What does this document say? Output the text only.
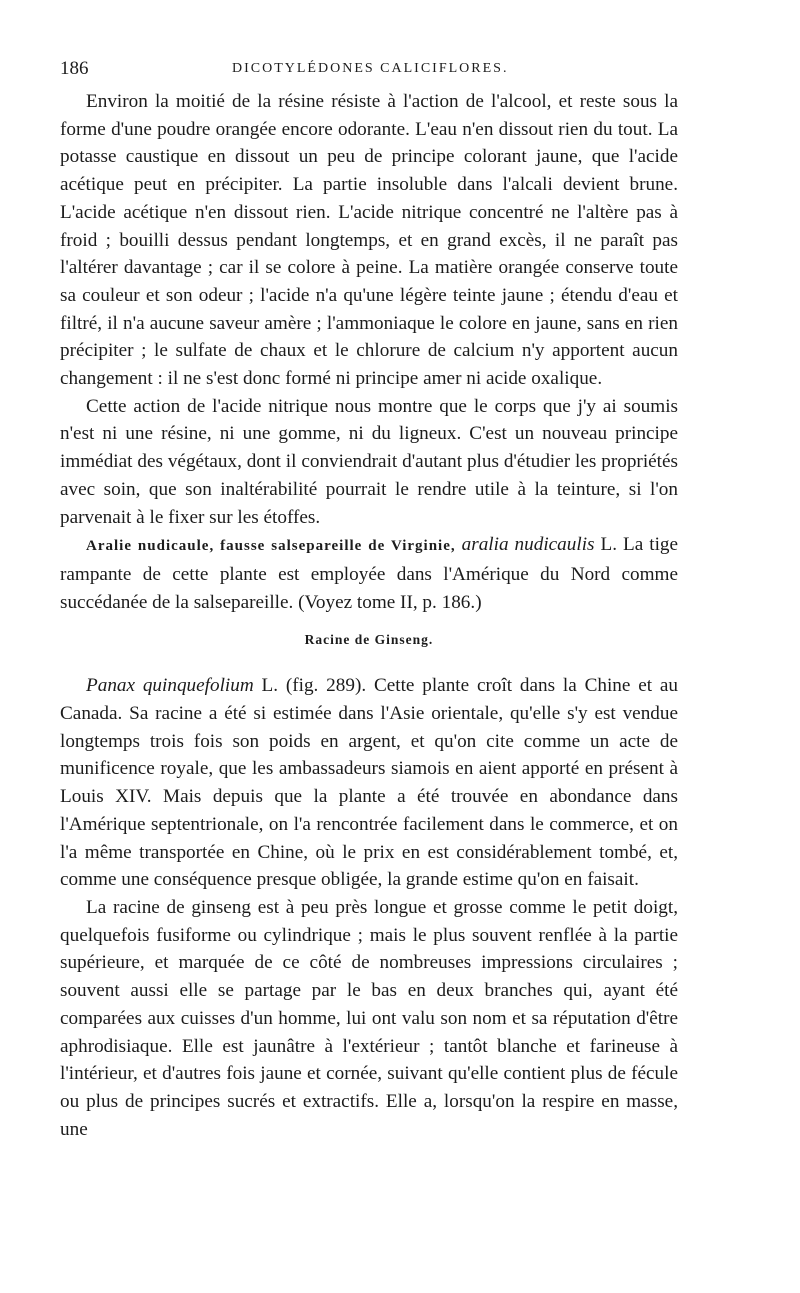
186	DICOTYLÉDONES CALICIFLORES.

Environ la moitié de la résine résiste à l'action de l'alcool, et reste sous la forme d'une poudre orangée encore odorante. L'eau n'en dissout rien du tout. La potasse caustique en dissout un peu de principe colorant jaune, que l'acide acétique peut en précipiter. La partie insoluble dans l'alcali devient brune. L'acide acétique n'en dissout rien. L'acide nitrique concentré ne l'altère pas à froid ; bouilli dessus pendant longtemps, et en grand excès, il ne paraît pas l'altérer davantage ; car il se colore à peine. La matière orangée conserve toute sa couleur et son odeur ; l'acide n'a qu'une légère teinte jaune ; étendu d'eau et filtré, il n'a aucune saveur amère ; l'ammoniaque le colore en jaune, sans en rien précipiter ; le sulfate de chaux et le chlorure de calcium n'y apportent aucun changement : il ne s'est donc formé ni principe amer ni acide oxalique.

Cette action de l'acide nitrique nous montre que le corps que j'y ai soumis n'est ni une résine, ni une gomme, ni du ligneux. C'est un nouveau principe immédiat des végétaux, dont il conviendrait d'autant plus d'étudier les propriétés avec soin, que son inaltérabilité pourrait le rendre utile à la teinture, si l'on parvenait à le fixer sur les étoffes.

Aralie nudicaule, fausse salsepareille de Virginie, aralia nudicaulis L. La tige rampante de cette plante est employée dans l'Amérique du Nord comme succédanée de la salsepareille. (Voyez tome II, p. 186.)

Racine de Ginseng.

Panax quinquefolium L. (fig. 289). Cette plante croît dans la Chine et au Canada. Sa racine a été si estimée dans l'Asie orientale, qu'elle s'y est vendue longtemps trois fois son poids en argent, et qu'on cite comme un acte de munificence royale, que les ambassadeurs siamois en aient apporté en présent à Louis XIV. Mais depuis que la plante a été trouvée en abondance dans l'Amérique septentrionale, on l'a rencontrée facilement dans le commerce, et on l'a même transportée en Chine, où le prix en est considérablement tombé, et, comme une conséquence presque obligée, la grande estime qu'on en faisait.

La racine de ginseng est à peu près longue et grosse comme le petit doigt, quelquefois fusiforme ou cylindrique ; mais le plus souvent renflée à la partie supérieure, et marquée de ce côté de nombreuses impressions circulaires ; souvent aussi elle se partage par le bas en deux branches qui, ayant été comparées aux cuisses d'un homme, lui ont valu son nom et sa réputation d'être aphrodisiaque. Elle est jaunâtre à l'extérieur ; tantôt blanche et farineuse à l'intérieur, et d'autres fois jaune et cornée, suivant qu'elle contient plus de fécule ou plus de principes sucrés et extractifs. Elle a, lorsqu'on la respire en masse, une
